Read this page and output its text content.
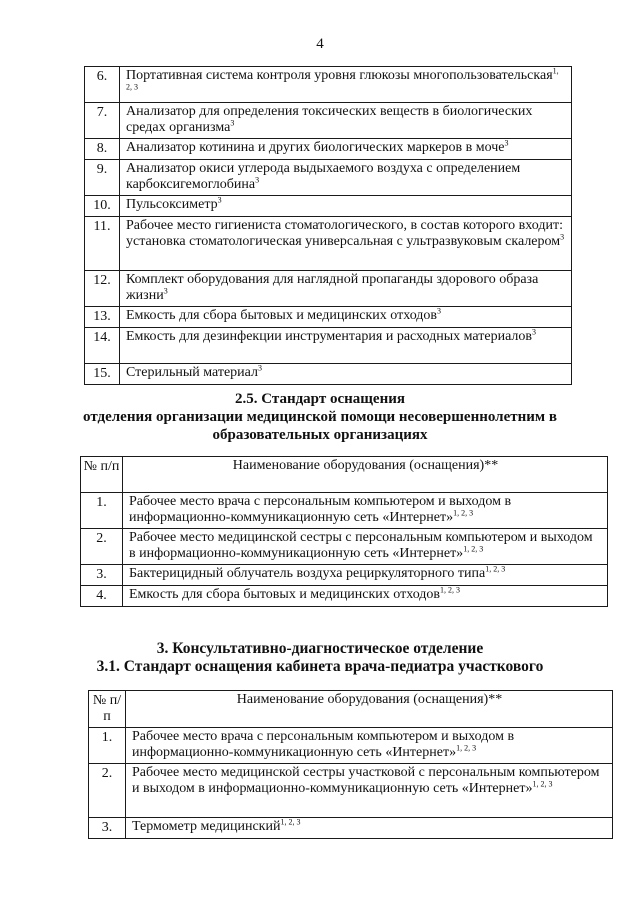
4
6.	Портативная система контроля уровня глюкозы многопользовательская$^{1, 2, 3}$
7.	Анализатор для определения токсических веществ в биологических средах организма$^3$
8.	Анализатор котинина и других биологических маркеров в моче$^3$
9.	Анализатор окиси углерода выдыхаемого воздуха с определением карбоксигемоглобина$^3$
10.	Пульсоксиметр$^3$
11.	Рабочее место гигиениста стоматологического, в состав которого входит: установка стоматологическая универсальная с ультразвуковым скалером$^3$
12.	Комплект оборудования для наглядной пропаганды здорового образа жизни$^3$
13.	Емкость для сбора бытовых и медицинских отходов$^3$
14.	Емкость для дезинфекции инструментария и расходных материалов$^3$
15.	Стерильный материал$^3$
2.5. Стандарт оснащения
отделения организации медицинской помощи несовершеннолетним в
образовательных организациях
№ п/п	Наименование оборудования (оснащения)**
1.	Рабочее место врача с персональным компьютером и выходом в информационно-коммуникационную сеть «Интернет»$^{1, 2, 3}$
2.	Рабочее место медицинской сестры с персональным компьютером и выходом в информационно-коммуникационную сеть «Интернет»$^{1, 2, 3}$
3.	Бактерицидный облучатель воздуха рециркуляторного типа$^{1, 2, 3}$
4.	Емкость для сбора бытовых и медицинских отходов$^{1, 2, 3}$
3. Консультативно-диагностическое отделение
3.1. Стандарт оснащения кабинета врача-педиатра участкового
№ п/п	Наименование оборудования (оснащения)**
1.	Рабочее место врача с персональным компьютером и выходом в информационно-коммуникационную сеть «Интернет»$^{1, 2, 3}$
2.	Рабочее место медицинской сестры участковой с персональным компьютером и выходом в информационно-коммуникационную сеть «Интернет»$^{1, 2, 3}$
3.	Термометр медицинский$^{1, 2, 3}$
